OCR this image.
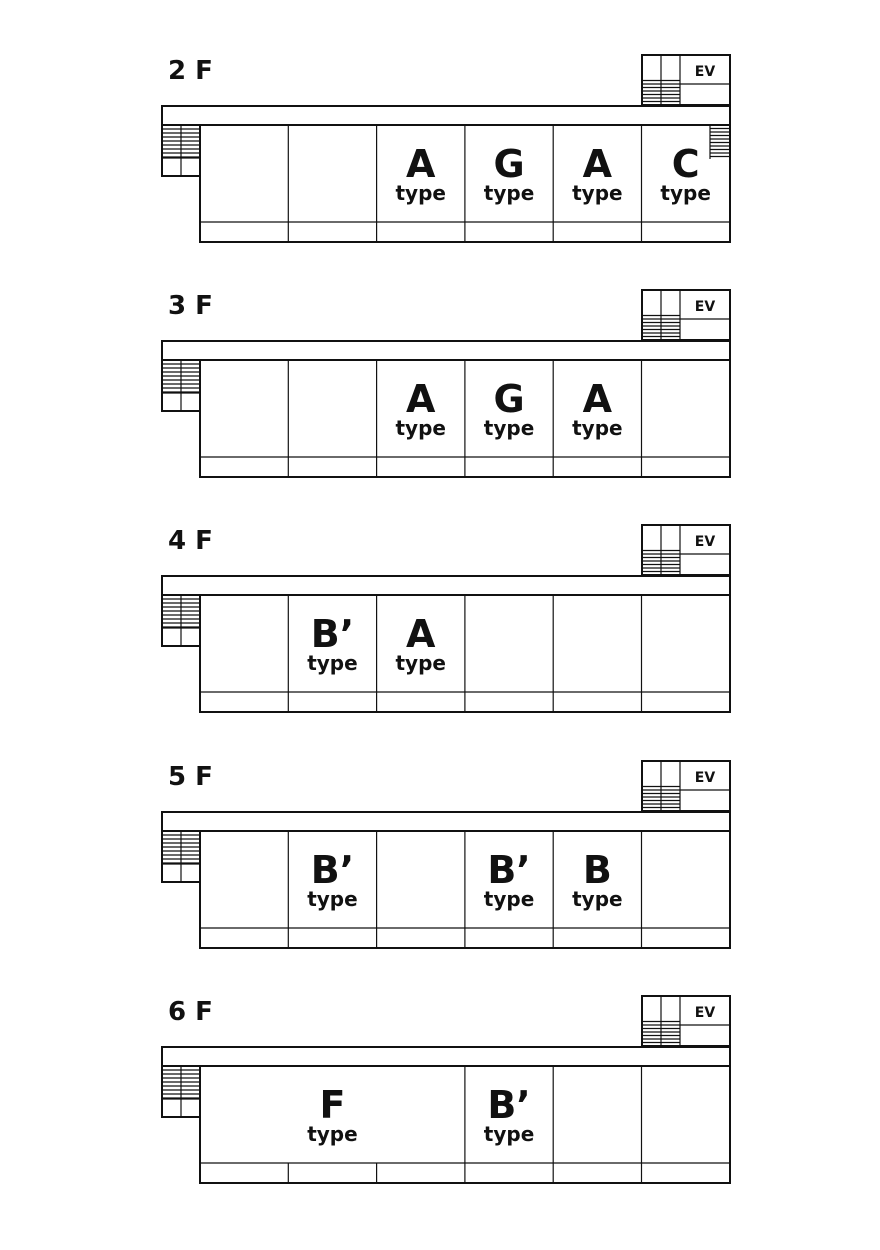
2 F	EV
A
type
G
type
A
type
C
type
3 F	EV
A
type
G
type
A
type
4 F	EV
B’
type
A
type
5 F	EV
B’
type
B’
type
B
type
6 F	EV
F
type
B’
type
